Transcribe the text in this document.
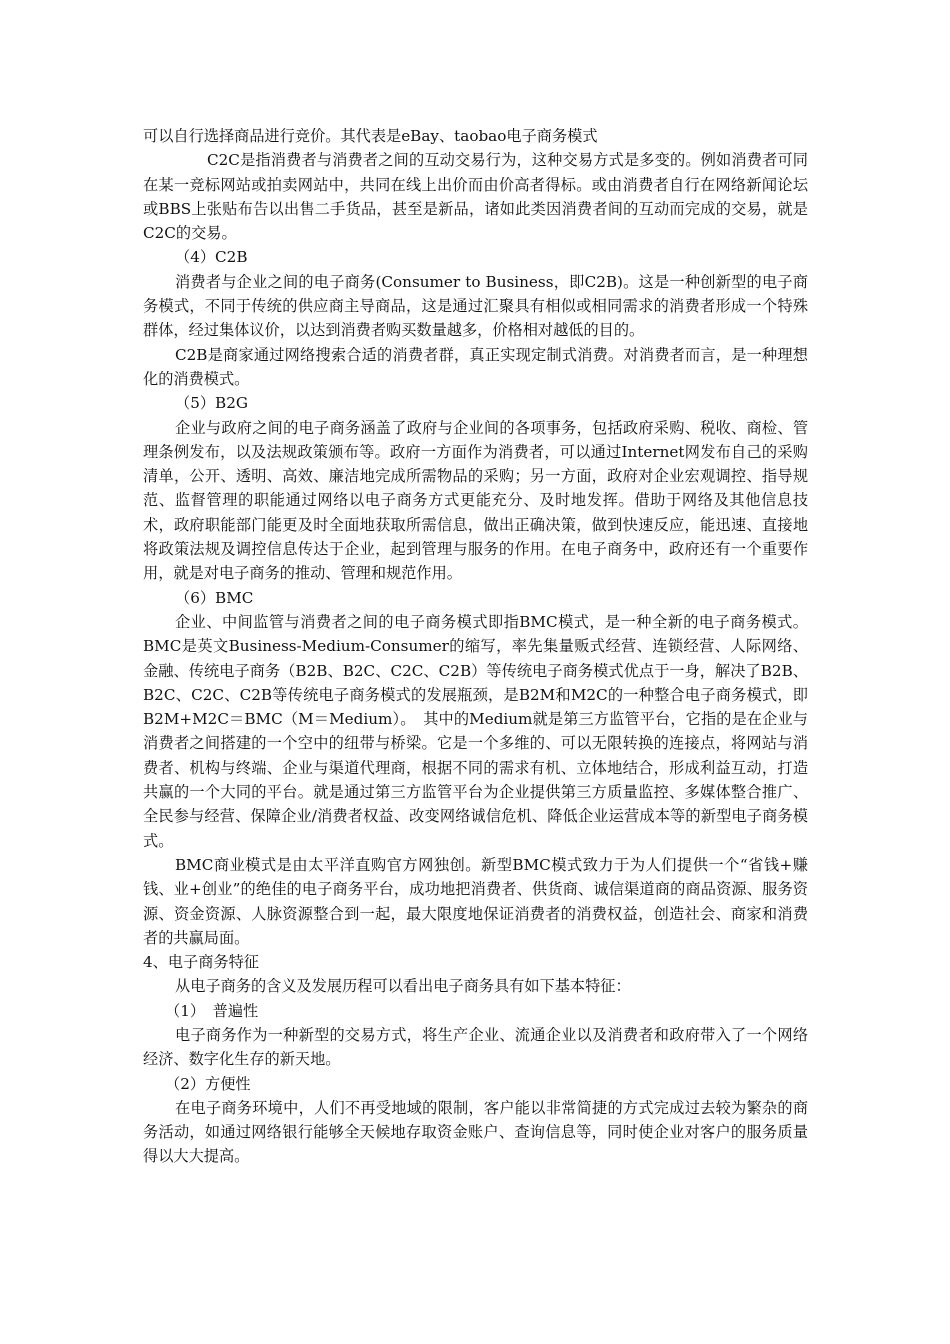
可以自行选择商品进行竞价。其代表是eBay、taobao电子商务模式

C2C是指消费者与消费者之间的互动交易行为，这种交易方式是多变的。例如消费者可同在某一竞标网站或拍卖网站中，共同在线上出价而由价高者得标。或由消费者自行在网络新闻论坛或BBS上张贴布告以出售二手货品，甚至是新品，诸如此类因消费者间的互动而完成的交易，就是C2C的交易。

（4）C2B

消费者与企业之间的电子商务(Consumer to Business，即C2B)。这是一种创新型的电子商务模式，不同于传统的供应商主导商品，这是通过汇聚具有相似或相同需求的消费者形成一个特殊群体，经过集体议价，以达到消费者购买数量越多，价格相对越低的目的。

C2B是商家通过网络搜索合适的消费者群，真正实现定制式消费。对消费者而言，是一种理想化的消费模式。

（5）B2G

企业与政府之间的电子商务涵盖了政府与企业间的各项事务，包括政府采购、税收、商检、管理条例发布，以及法规政策颁布等。政府一方面作为消费者，可以通过Internet网发布自己的采购清单，公开、透明、高效、廉洁地完成所需物品的采购；另一方面，政府对企业宏观调控、指导规范、监督管理的职能通过网络以电子商务方式更能充分、及时地发挥。借助于网络及其他信息技术，政府职能部门能更及时全面地获取所需信息，做出正确决策，做到快速反应，能迅速、直接地将政策法规及调控信息传达于企业，起到管理与服务的作用。在电子商务中，政府还有一个重要作用，就是对电子商务的推动、管理和规范作用。

（6）BMC

企业、中间监管与消费者之间的电子商务模式即指BMC模式，是一种全新的电子商务模式。BMC是英文Business-Medium-Consumer的缩写，率先集量贩式经营、连锁经营、人际网络、金融、传统电子商务（B2B、B2C、C2C、C2B）等传统电子商务模式优点于一身，解决了B2B、B2C、C2C、C2B等传统电子商务模式的发展瓶颈，是B2M和M2C的一种整合电子商务模式，即B2M+M2C＝BMC（M＝Medium）。　其中的Medium就是第三方监管平台，它指的是在企业与消费者之间搭建的一个空中的纽带与桥梁。它是一个多维的、可以无限转换的连接点，将网站与消费者、机构与终端、企业与渠道代理商，根据不同的需求有机、立体地结合，形成利益互动，打造共赢的一个大同的平台。就是通过第三方监管平台为企业提供第三方质量监控、多媒体整合推广、全民参与经营、保障企业/消费者权益、改变网络诚信危机、降低企业运营成本等的新型电子商务模式。

BMC商业模式是由太平洋直购官方网独创。新型BMC模式致力于为人们提供一个“省钱+赚钱、业+创业”的绝佳的电子商务平台，成功地把消费者、供货商、诚信渠道商的商品资源、服务资源、资金资源、人脉资源整合到一起，最大限度地保证消费者的消费权益，创造社会、商家和消费者的共赢局面。

4、电子商务特征

从电子商务的含义及发展历程可以看出电子商务具有如下基本特征：

（1）　普遍性

电子商务作为一种新型的交易方式，将生产企业、流通企业以及消费者和政府带入了一个网络经济、数字化生存的新天地。

（2）方便性

在电子商务环境中，人们不再受地域的限制，客户能以非常简捷的方式完成过去较为繁杂的商务活动，如通过网络银行能够全天候地存取资金账户、查询信息等，同时使企业对客户的服务质量得以大大提高。
